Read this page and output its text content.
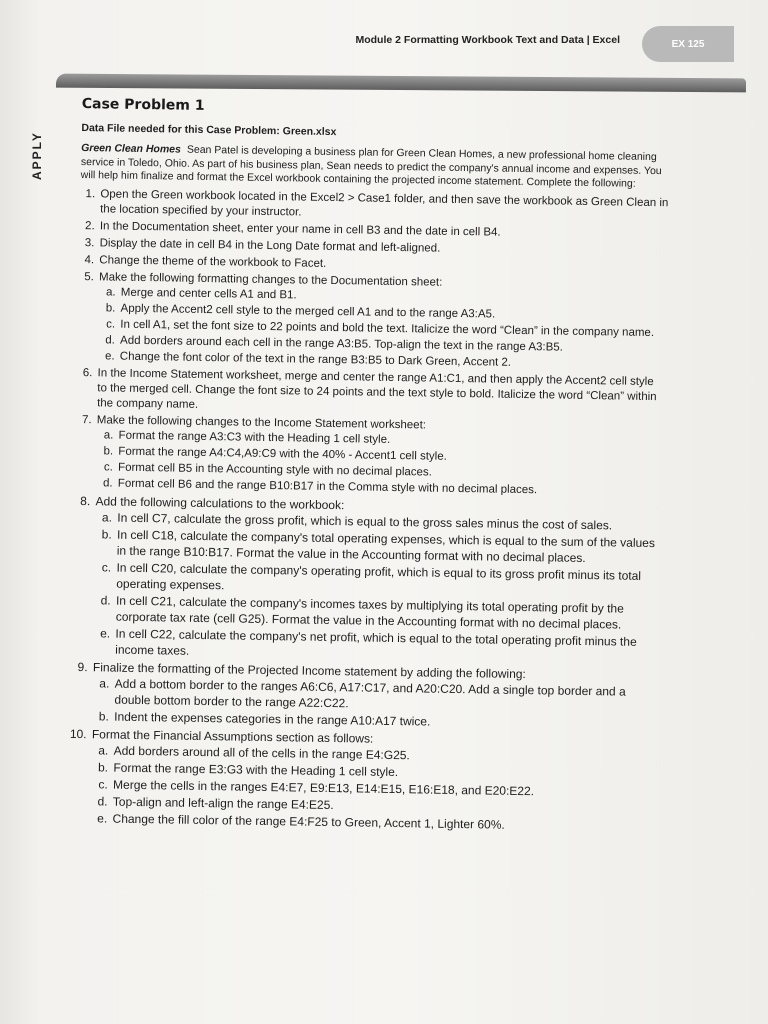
Module 2 Formatting Workbook Text and Data | Excel	EX 125
APPLY
Case Problem 1
Data File needed for this Case Problem: Green.xlsx

Green Clean Homes Sean Patel is developing a business plan for Green Clean Homes, a new professional home cleaning service in Toledo, Ohio. As part of his business plan, Sean needs to predict the company's annual income and expenses. You will help him finalize and format the Excel workbook containing the projected income statement. Complete the following:

1. Open the Green workbook located in the Excel2 > Case1 folder, and then save the workbook as Green Clean in the location specified by your instructor.
2. In the Documentation sheet, enter your name in cell B3 and the date in cell B4.
3. Display the date in cell B4 in the Long Date format and left-aligned.
4. Change the theme of the workbook to Facet.
5. Make the following formatting changes to the Documentation sheet:
a. Merge and center cells A1 and B1.
b. Apply the Accent2 cell style to the merged cell A1 and to the range A3:A5.
c. In cell A1, set the font size to 22 points and bold the text. Italicize the word “Clean” in the company name.
d. Add borders around each cell in the range A3:B5. Top-align the text in the range A3:B5.
e. Change the font color of the text in the range B3:B5 to Dark Green, Accent 2.
6. In the Income Statement worksheet, merge and center the range A1:C1, and then apply the Accent2 cell style to the merged cell. Change the font size to 24 points and the text style to bold. Italicize the word “Clean” within the company name.
7. Make the following changes to the Income Statement worksheet:
a. Format the range A3:C3 with the Heading 1 cell style.
b. Format the range A4:C4,A9:C9 with the 40% - Accent1 cell style.
c. Format cell B5 in the Accounting style with no decimal places.
d. Format cell B6 and the range B10:B17 in the Comma style with no decimal places.
8. Add the following calculations to the workbook:
a. In cell C7, calculate the gross profit, which is equal to the gross sales minus the cost of sales.
b. In cell C18, calculate the company's total operating expenses, which is equal to the sum of the values in the range B10:B17. Format the value in the Accounting format with no decimal places.
c. In cell C20, calculate the company's operating profit, which is equal to its gross profit minus its total operating expenses.
d. In cell C21, calculate the company's incomes taxes by multiplying its total operating profit by the corporate tax rate (cell G25). Format the value in the Accounting format with no decimal places.
e. In cell C22, calculate the company's net profit, which is equal to the total operating profit minus the income taxes.
9. Finalize the formatting of the Projected Income statement by adding the following:
a. Add a bottom border to the ranges A6:C6, A17:C17, and A20:C20. Add a single top border and a double bottom border to the range A22:C22.
b. Indent the expenses categories in the range A10:A17 twice.
10. Format the Financial Assumptions section as follows:
a. Add borders around all of the cells in the range E4:G25.
b. Format the range E3:G3 with the Heading 1 cell style.
c. Merge the cells in the ranges E4:E7, E9:E13, E14:E15, E16:E18, and E20:E22.
d. Top-align and left-align the range E4:E25.
e. Change the fill color of the range E4:F25 to Green, Accent 1, Lighter 60%.
